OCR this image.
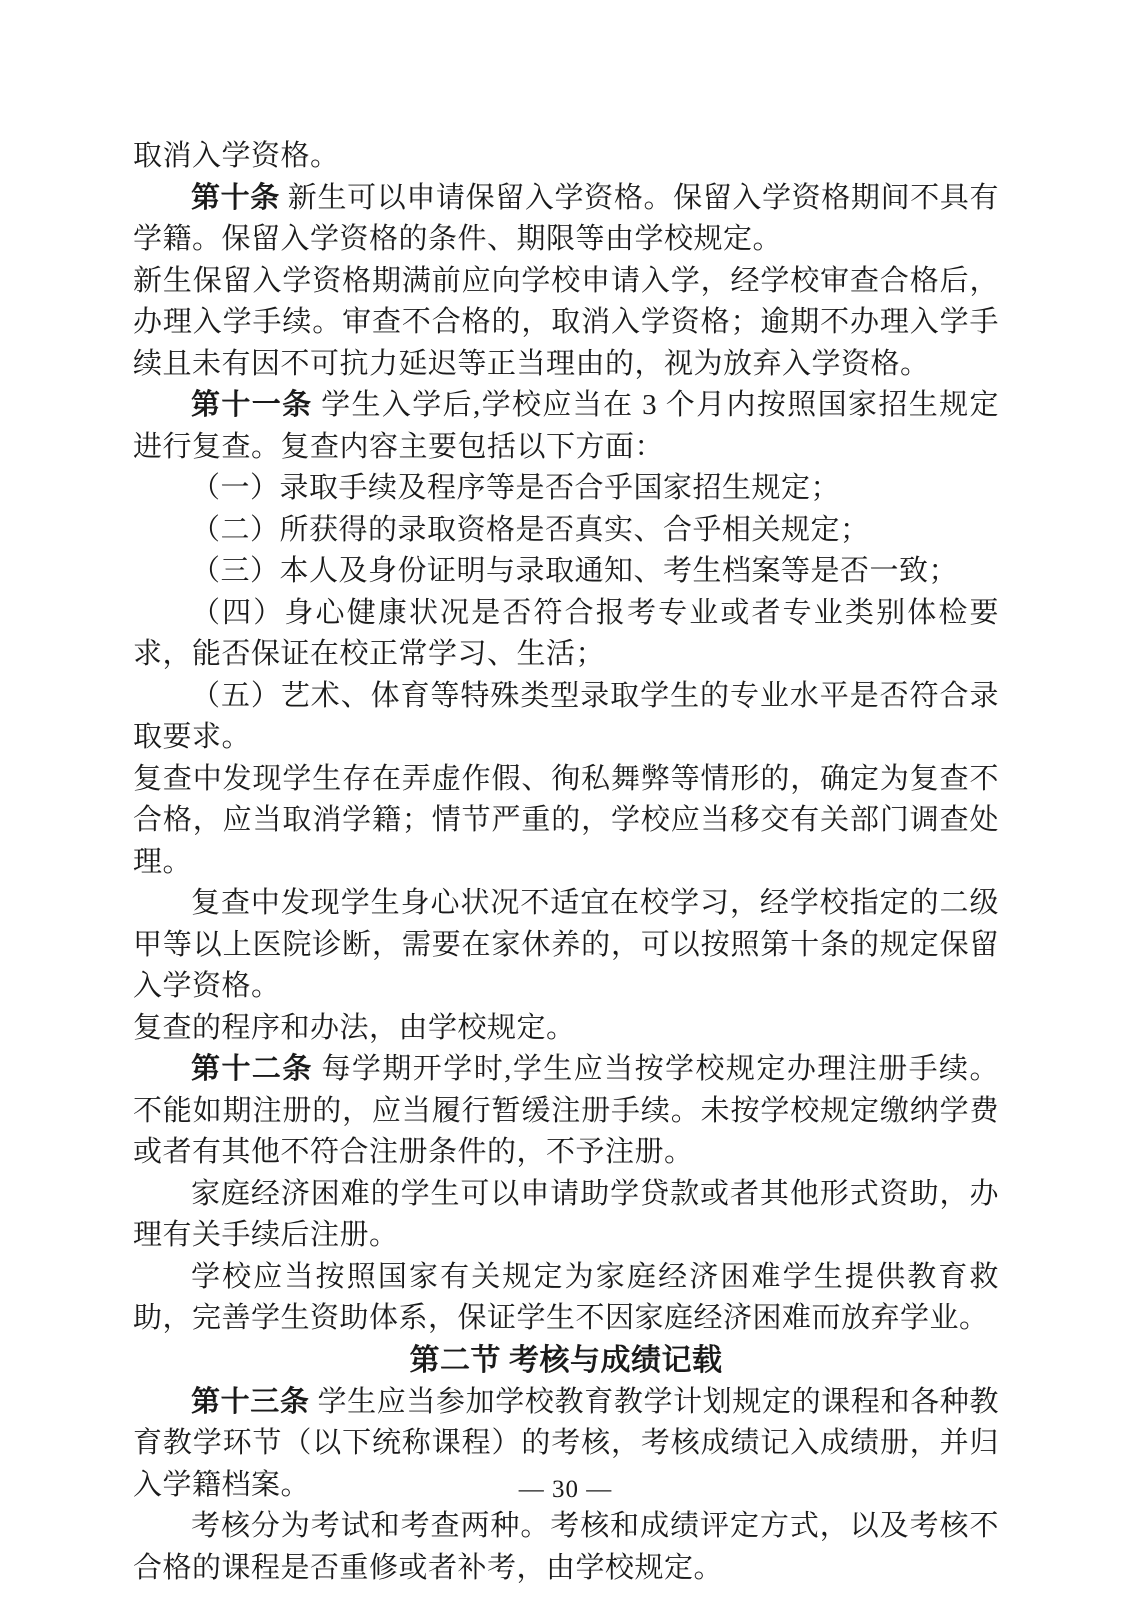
取消入学资格。

第十条 新生可以申请保留入学资格。保留入学资格期间不具有学籍。保留入学资格的条件、期限等由学校规定。

新生保留入学资格期满前应向学校申请入学，经学校审查合格后，办理入学手续。审查不合格的，取消入学资格；逾期不办理入学手续且未有因不可抗力延迟等正当理由的，视为放弃入学资格。

第十一条 学生入学后,学校应当在 3 个月内按照国家招生规定进行复查。复查内容主要包括以下方面：

（一）录取手续及程序等是否合乎国家招生规定；

（二）所获得的录取资格是否真实、合乎相关规定；

（三）本人及身份证明与录取通知、考生档案等是否一致；

（四）身心健康状况是否符合报考专业或者专业类别体检要求，能否保证在校正常学习、生活；

（五）艺术、体育等特殊类型录取学生的专业水平是否符合录取要求。

复查中发现学生存在弄虚作假、徇私舞弊等情形的，确定为复查不合格，应当取消学籍；情节严重的，学校应当移交有关部门调查处理。

复查中发现学生身心状况不适宜在校学习，经学校指定的二级甲等以上医院诊断，需要在家休养的，可以按照第十条的规定保留入学资格。

复查的程序和办法，由学校规定。

第十二条 每学期开学时,学生应当按学校规定办理注册手续。不能如期注册的，应当履行暂缓注册手续。未按学校规定缴纳学费或者有其他不符合注册条件的，不予注册。

家庭经济困难的学生可以申请助学贷款或者其他形式资助，办理有关手续后注册。

学校应当按照国家有关规定为家庭经济困难学生提供教育救助，完善学生资助体系，保证学生不因家庭经济困难而放弃学业。

第二节 考核与成绩记载

第十三条 学生应当参加学校教育教学计划规定的课程和各种教育教学环节（以下统称课程）的考核，考核成绩记入成绩册，并归入学籍档案。

考核分为考试和考查两种。考核和成绩评定方式，以及考核不合格的课程是否重修或者补考，由学校规定。

— 30 —
